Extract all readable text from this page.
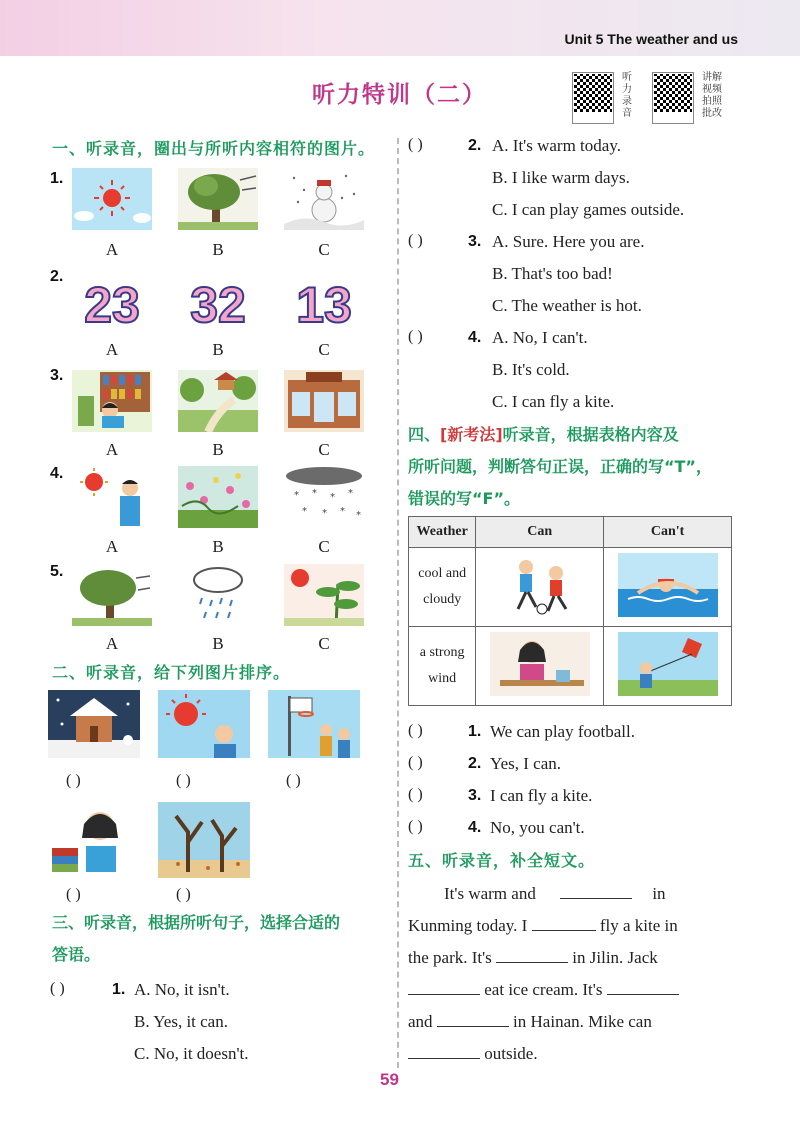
Unit 5 The weather and us
听力特训（二）
听力录音
讲解视频拍照批改
一、听录音，圈出与所听内容相符的图片。
1.
A	B	C
2.
23 32 13
A	B	C
3.
A	B	C
4.
* * * *
* * * *
A	B	C
5.
A	B	C
二、听录音，给下列图片排序。
( )	( )	( )
( )	( )
三、听录音，根据所听句子，选择合适的
答语。
( )	1. A. No, it isn't.
B. Yes, it can.
C. No, it doesn't.
( )	2. A. It's warm today.
B. I like warm days.
C. I can play games outside.
( )	3. A. Sure. Here you are.
B. That's too bad!
C. The weather is hot.
( )	4. A. No, I can't.
B. It's cold.
C. I can fly a kite.
四、[新考法]听录音，根据表格内容及
所听问题，判断答句正误，正确的写“T”，
错误的写“F”。
Weather	Can	Can't
cool and cloudy		
a strong wind		
( )	1. We can play football.
( )	2. Yes, I can.
( )	3. I can fly a kite.
( )	4. No, you can't.
五、听录音，补全短文。
It's warm and	in
Kunming today. I	fly a kite in
the park. It's	in Jilin. Jack
eat ice cream. It's
and	in Hainan. Mike can
outside.
59
